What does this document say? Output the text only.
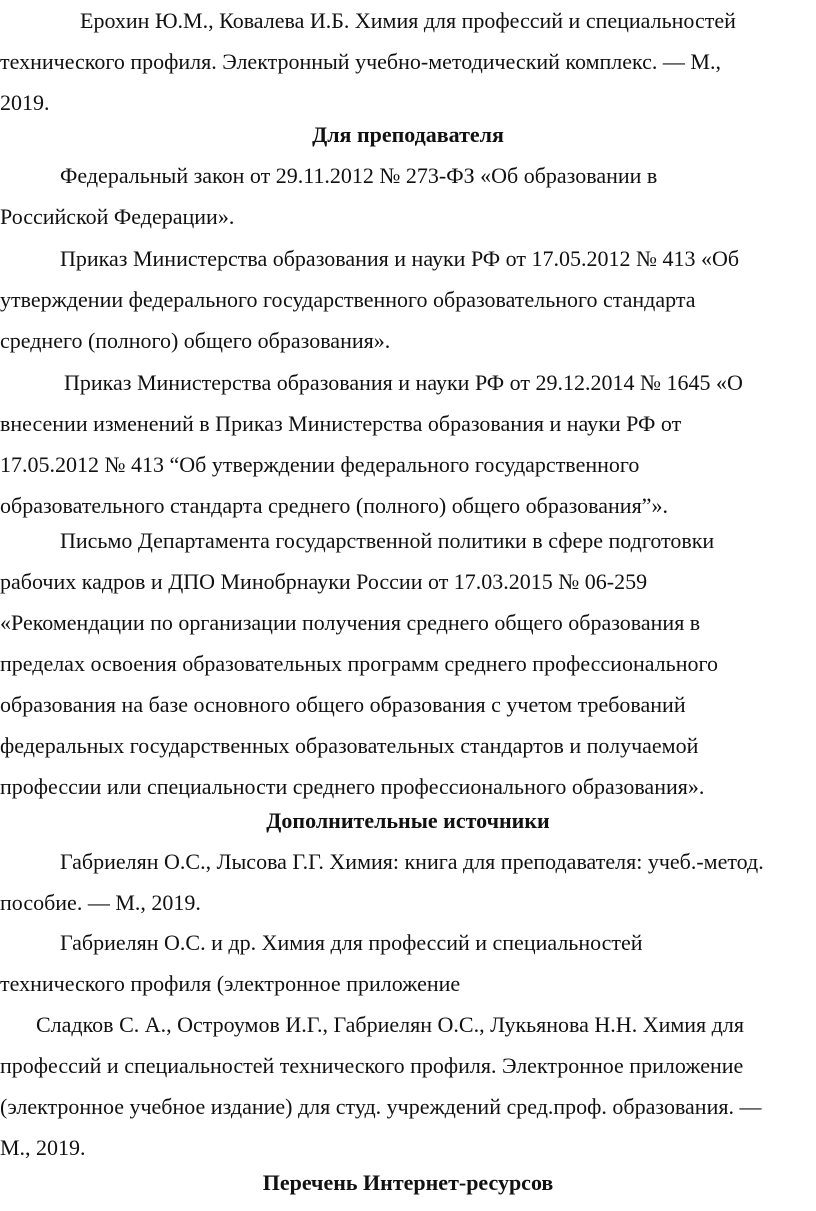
Ерохин Ю.М., Ковалева И.Б. Химия для профессий и специальностей
технического профиля. Электронный учебно-методический комплекс. — М.,
2019.

Для преподавателя

Федеральный закон от 29.11.2012 № 273-ФЗ «Об образовании в
Российской Федерации».

Приказ Министерства образования и науки РФ от 17.05.2012 № 413 «Об
утверждении федерального государственного образовательного стандарта
среднего (полного) общего образования».

Приказ Министерства образования и науки РФ от 29.12.2014 № 1645 «О
внесении изменений в Приказ Министерства образования и науки РФ от
17.05.2012 № 413 “Об утверждении федерального государственного
образовательного стандарта среднего (полного) общего образования”».

Письмо Департамента государственной политики в сфере подготовки
рабочих кадров и ДПО Минобрнауки России от 17.03.2015 № 06-259
«Рекомендации по организации получения среднего общего образования в
пределах освоения образовательных программ среднего профессионального
образования на базе основного общего образования с учетом требований
федеральных государственных образовательных стандартов и получаемой
профессии или специальности среднего профессионального образования».

Дополнительные источники

Габриелян О.С., Лысова Г.Г. Химия: книга для преподавателя: учеб.-метод.
пособие. — М., 2019.

Габриелян О.С. и др. Химия для профессий и специальностей
технического профиля (электронное приложение

Сладков С. А., Остроумов И.Г., Габриелян О.С., Лукьянова Н.Н. Химия для
профессий и специальностей технического профиля. Электронное приложение
(электронное учебное издание) для студ. учреждений сред.проф. образования. —
М., 2019.

Перечень Интернет-ресурсов
